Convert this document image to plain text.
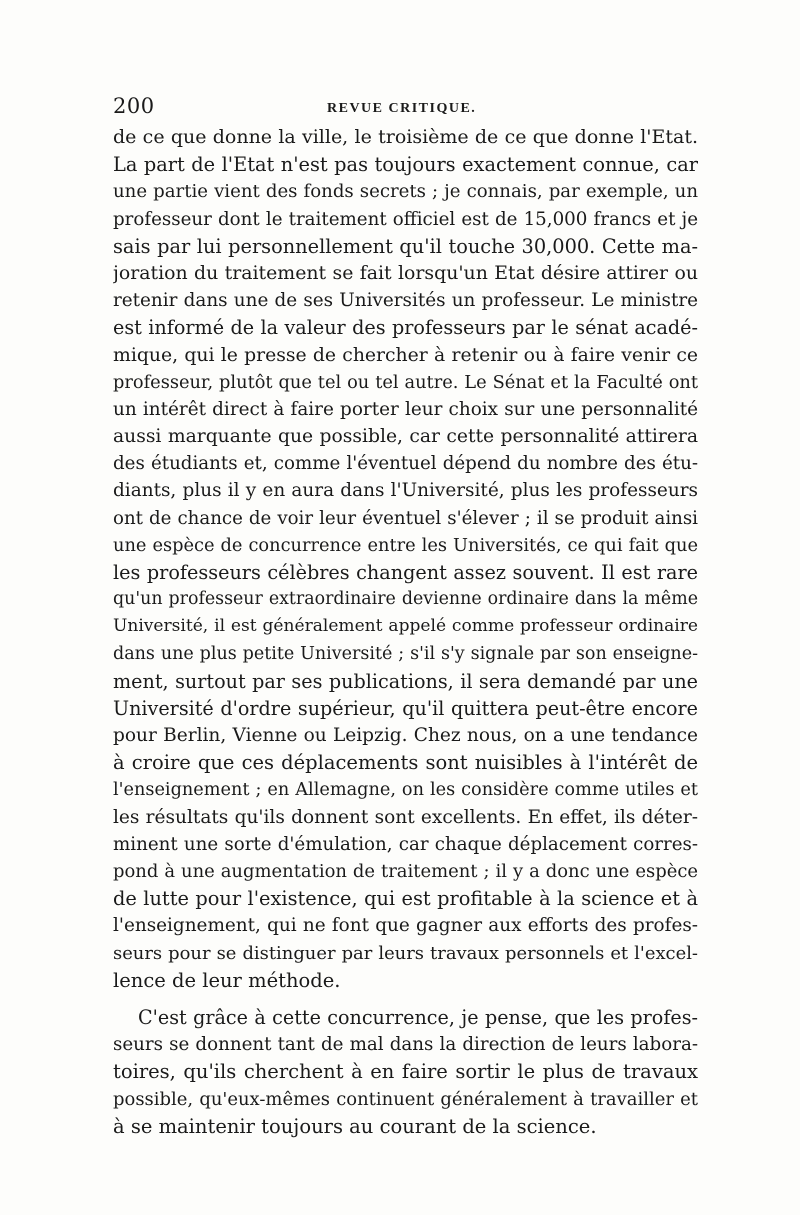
200	REVUE CRITIQUE.
de ce que donne la ville, le troisième de ce que donne l'Etat.
La part de l'Etat n'est pas toujours exactement connue, car
une partie vient des fonds secrets ; je connais, par exemple, un
professeur dont le traitement officiel est de 15,000 francs et je
sais par lui personnellement qu'il touche 30,000. Cette ma-
joration du traitement se fait lorsqu'un Etat désire attirer ou
retenir dans une de ses Universités un professeur. Le ministre
est informé de la valeur des professeurs par le sénat acadé-
mique, qui le presse de chercher à retenir ou à faire venir ce
professeur, plutôt que tel ou tel autre. Le Sénat et la Faculté ont
un intérêt direct à faire porter leur choix sur une personnalité
aussi marquante que possible, car cette personnalité attirera
des étudiants et, comme l'éventuel dépend du nombre des étu-
diants, plus il y en aura dans l'Université, plus les professeurs
ont de chance de voir leur éventuel s'élever ; il se produit ainsi
une espèce de concurrence entre les Universités, ce qui fait que
les professeurs célèbres changent assez souvent. Il est rare
qu'un professeur extraordinaire devienne ordinaire dans la même
Université, il est généralement appelé comme professeur ordinaire
dans une plus petite Université ; s'il s'y signale par son enseigne-
ment, surtout par ses publications, il sera demandé par une
Université d'ordre supérieur, qu'il quittera peut-être encore
pour Berlin, Vienne ou Leipzig. Chez nous, on a une tendance
à croire que ces déplacements sont nuisibles à l'intérêt de
l'enseignement ; en Allemagne, on les considère comme utiles et
les résultats qu'ils donnent sont excellents. En effet, ils déter-
minent une sorte d'émulation, car chaque déplacement corres-
pond à une augmentation de traitement ; il y a donc une espèce
de lutte pour l'existence, qui est profitable à la science et à
l'enseignement, qui ne font que gagner aux efforts des profes-
seurs pour se distinguer par leurs travaux personnels et l'excel-
lence de leur méthode.
C'est grâce à cette concurrence, je pense, que les profes-
seurs se donnent tant de mal dans la direction de leurs labora-
toires, qu'ils cherchent à en faire sortir le plus de travaux
possible, qu'eux-mêmes continuent généralement à travailler et
à se maintenir toujours au courant de la science.
